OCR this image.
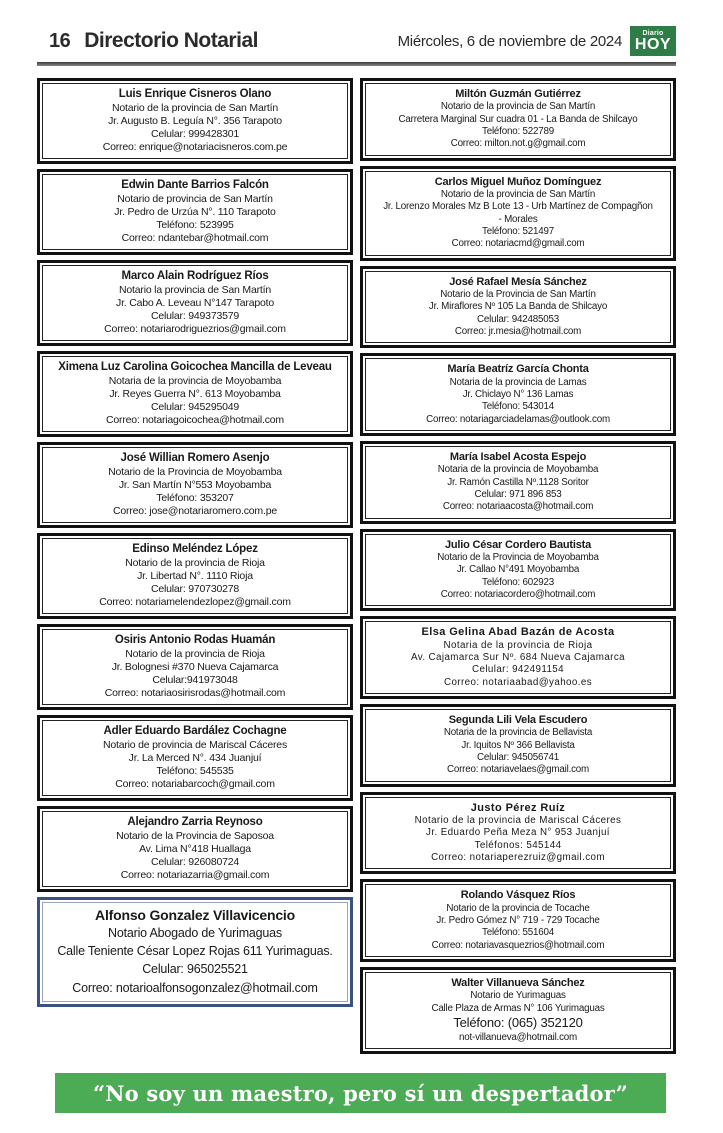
16 Directorio Notarial	Miércoles, 6 de noviembre de 2024	Diario
HOY
Luis Enrique Cisneros Olano
Notario de la provincia de San Martín
Jr. Augusto B. Leguía N°. 356 Tarapoto
Celular: 999428301
Correo: enrique@notariacisneros.com.pe
Edwin Dante Barrios Falcón
Notario de provincia de San Martín
Jr. Pedro de Urzúa N°. 110 Tarapoto
Teléfono: 523995
Correo: ndantebar@hotmail.com
Marco Alain Rodríguez Ríos
Notario la provincia de San Martín
Jr. Cabo A. Leveau N°147 Tarapoto
Celular: 949373579
Correo: notariarodriguezrios@gmail.com
Ximena Luz Carolina Goicochea Mancilla de Leveau
Notaria de la provincia de Moyobamba
Jr. Reyes Guerra N°. 613 Moyobamba
Celular: 945295049
Correo: notariagoicochea@hotmail.com
José Willian Romero Asenjo
Notario de la Provincia de Moyobamba
Jr. San Martín N°553 Moyobamba
Teléfono: 353207
Correo: jose@notariaromero.com.pe
Edinso Meléndez López
Notario de la provincia de Rioja
Jr. Libertad N°. 1110 Rioja
Celular: 970730278
Correo: notariamelendezlopez@gmail.com
Osiris Antonio Rodas Huamán
Notario de la provincia de Rioja
Jr. Bolognesi #370 Nueva Cajamarca
Celular:941973048
Correo: notariaosirisrodas@hotmail.com
Adler Eduardo Bardález Cochagne
Notario de provincia de Mariscal Cáceres
Jr. La Merced N°. 434 Juanjuí
Teléfono: 545535
Correo: notariabarcoch@gmail.com
Alejandro Zarria Reynoso
Notario de la Provincia de Saposoa
Av. Lima N°418 Huallaga
Celular: 926080724
Correo: notariazarria@gmail.com
Alfonso Gonzalez Villavicencio
Notario Abogado de Yurimaguas
Calle Teniente César Lopez Rojas 611 Yurimaguas.
Celular: 965025521
Correo: notarioalfonsogonzalez@hotmail.com
Miltón Guzmán Gutiérrez
Notario de la provincia de San Martín
Carretera Marginal Sur cuadra 01 - La Banda de Shilcayo
Teléfono: 522789
Correo: milton.not.g@gmail.com
Carlos Miguel Muñoz Domínguez
Notario de la provincia de San Martín
Jr. Lorenzo Morales Mz B Lote 13 - Urb Martínez de Compagñon
- Morales
Teléfono: 521497
Correo: notariacmd@gmail.com
José Rafael Mesía Sánchez
Notario de la Provincia de San Martín
Jr. Miraflores Nº 105 La Banda de Shilcayo
Celular: 942485053
Correo: jr.mesia@hotmail.com
María Beatríz García Chonta
Notaria de la provincia de Lamas
Jr. Chiclayo N° 136 Lamas
Teléfono: 543014
Correo: notariagarciadelamas@outlook.com
María Isabel Acosta Espejo
Notaria de la provincia de Moyobamba
Jr. Ramón Castilla Nº.1128 Soritor
Celular: 971 896 853
Correo: notariaacosta@hotmail.com
Julio César Cordero Bautista
Notario de la Provincia de Moyobamba
Jr. Callao N°491 Moyobamba
Teléfono: 602923
Correo: notariacordero@hotmail.com
Elsa Gelina Abad Bazán de Acosta
Notaria de la provincia de Rioja
Av. Cajamarca Sur Nº. 684 Nueva Cajamarca
Celular: 942491154
Correo: notariaabad@yahoo.es
Segunda Lili Vela Escudero
Notaria de la provincia de Bellavista
Jr. Iquitos Nº 366 Bellavista
Celular: 945056741
Correo: notariavelaes@gmail.com
Justo Pérez Ruíz
Notario de la provincia de Mariscal Cáceres
Jr. Eduardo Peña Meza N° 953 Juanjuí
Teléfonos: 545144
Correo: notariaperezruiz@gmail.com
Rolando Vásquez Ríos
Notario de la provincia de Tocache
Jr. Pedro Gómez N° 719 - 729 Tocache
Teléfono: 551604
Correo: notariavasquezrios@hotmail.com
Walter Villanueva Sánchez
Notario de Yurimaguas
Calle Plaza de Armas N° 106 Yurimaguas
Teléfono: (065) 352120
not-villanueva@hotmail.com
“No soy un maestro, pero sí un despertador”
